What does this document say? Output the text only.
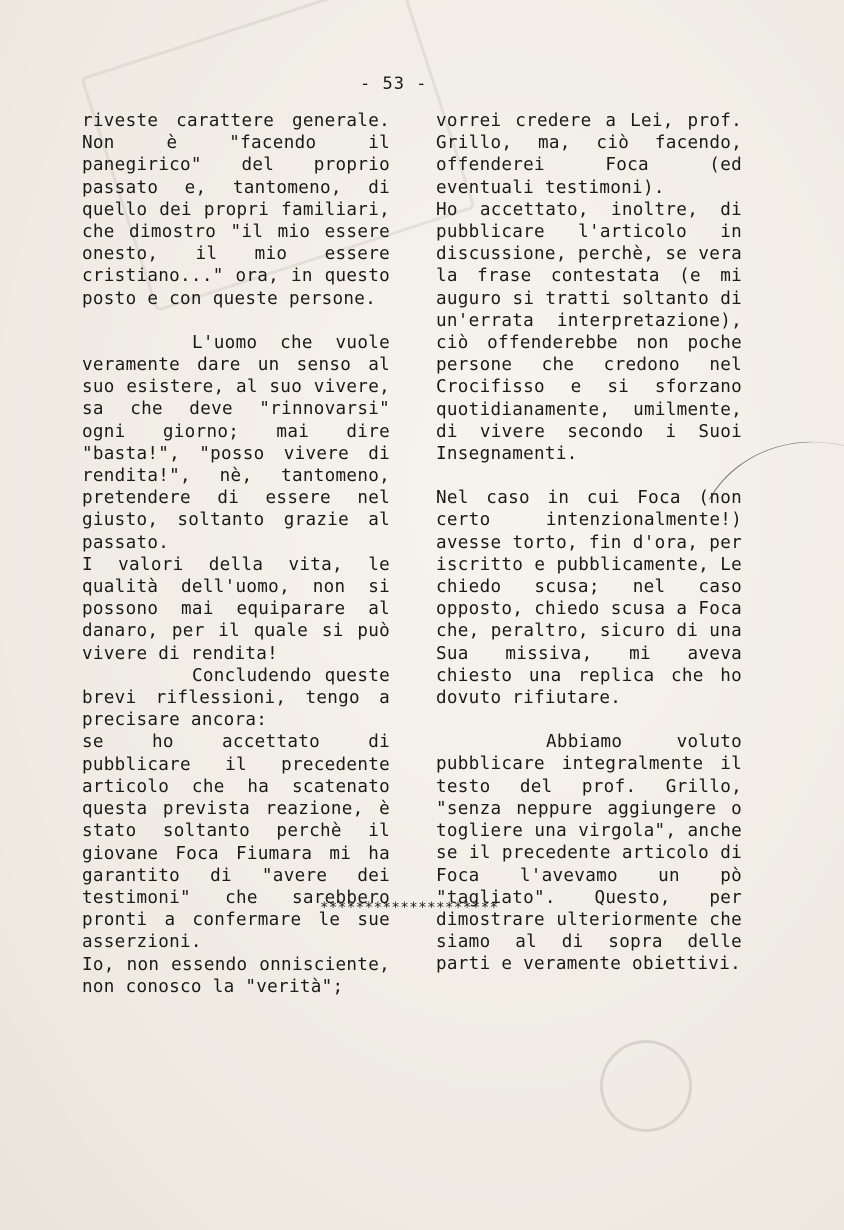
- 53 -

riveste carattere generale. Non è "facendo il panegirico" del proprio passato e, tantomeno, di quello dei propri familiari, che dimostro "il mio essere onesto, il mio essere cristiano..." ora, in questo posto e con queste persone.

L'uomo che vuole veramente dare un senso al suo esistere, al suo vivere, sa che deve "rinnovarsi" ogni giorno; mai dire "basta!", "posso vivere di rendita!", nè, tantomeno, pretendere di essere nel giusto, soltanto grazie al passato.

I valori della vita, le qualità dell'uomo, non si possono mai equiparare al danaro, per il quale si può vivere di rendita!

Concludendo queste brevi riflessioni, tengo a precisare ancora:

se ho accettato di pubblicare il precedente articolo che ha scatenato questa prevista reazione, è stato soltanto perchè il giovane Foca Fiumara mi ha garantito di "avere dei testimoni" che sarebbero pronti a confermare le sue asserzioni.

Io, non essendo onnisciente, non conosco la "verità";

vorrei credere a Lei, prof. Grillo, ma, ciò facendo, offenderei Foca (ed eventuali testimoni).

Ho accettato, inoltre, di pubblicare l'articolo in discussione, perchè, se vera la frase contestata (e mi auguro si tratti soltanto di un'errata interpretazione), ciò offenderebbe non poche persone che credono nel Crocifisso e si sforzano quotidianamente, umilmente, di vivere secondo i Suoi Insegnamenti.

Nel caso in cui Foca (non certo intenzionalmente!) avesse torto, fin d'ora, per iscritto e pubblicamente, Le chiedo scusa; nel caso opposto, chiedo scusa a Foca che, peraltro, sicuro di una Sua missiva, mi aveva chiesto una replica che ho dovuto rifiutare.

Abbiamo voluto pubblicare integralmente il testo del prof. Grillo, "senza neppure aggiungere o togliere una virgola", anche se il precedente articolo di Foca l'avevamo un pò "tagliato". Questo, per dimostrare ulteriormente che siamo al di sopra delle parti e veramente obiettivi.

********************
